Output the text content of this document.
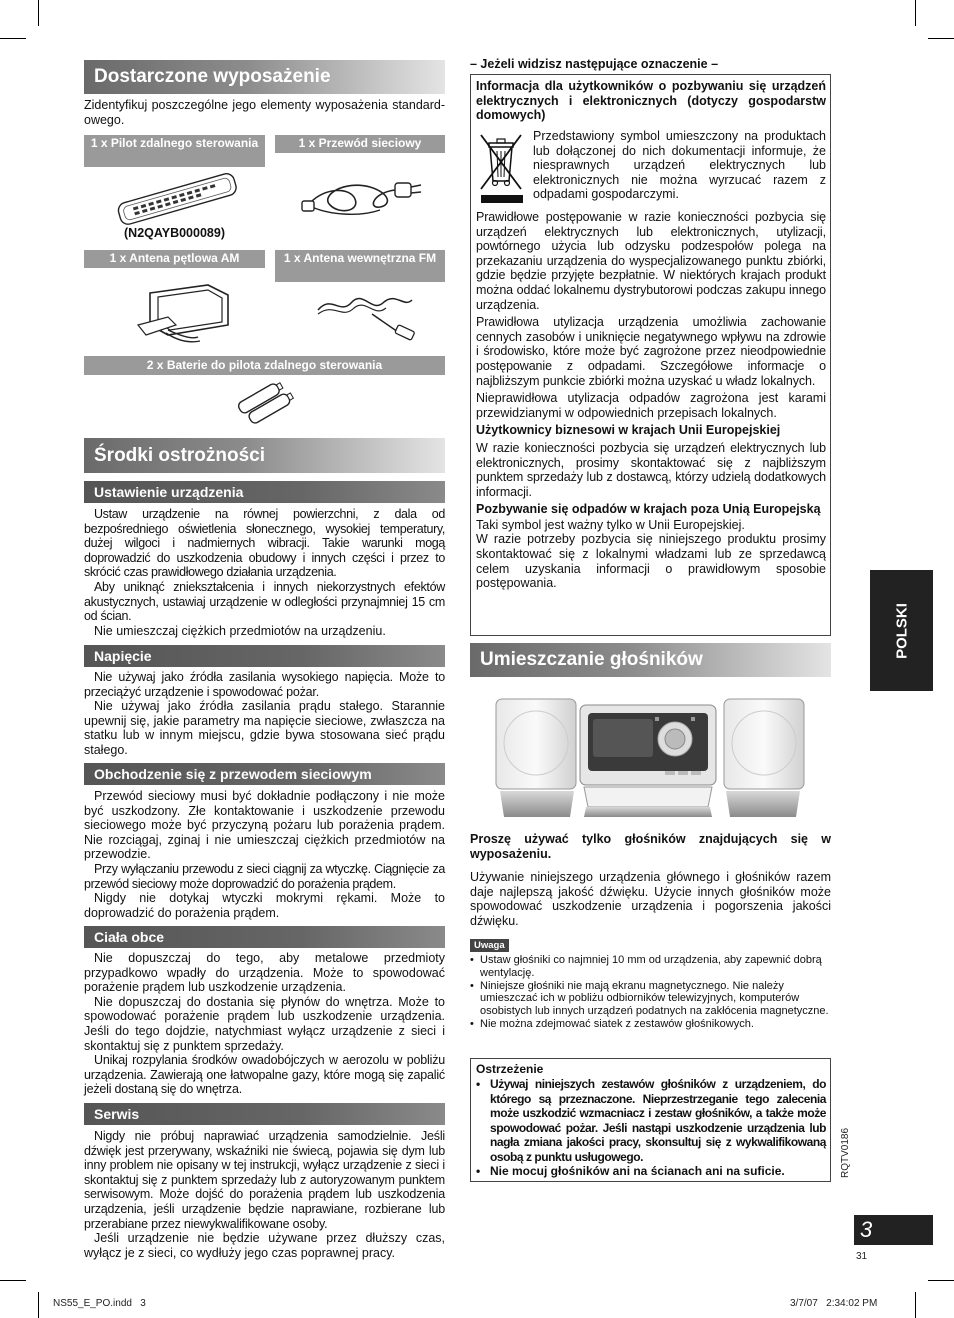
Dostarczone wyposażenie
Zidentyfikuj poszczególne jego elementy wyposażenia standard-owego.
1 x Pilot zdalnego sterowania	1 x Przewód sieciowy
(N2QAYB000089)
1 x Antena pętlowa AM	1 x Antena wewnętrzna FM
2 x Baterie do pilota zdalnego sterowania
Środki ostrożności
Ustawienie urządzenia

Ustaw urządzenie na równej powierzchni, z dala od bezpośredniego oświetlenia słonecznego, wysokiej temperatury, dużej wilgoci i nadmiernych wibracji. Takie warunki mogą doprowadzić do uszkodzenia obudowy i innych części i przez to skrócić czas prawidłowego działania urządzenia.

Aby uniknąć zniekształcenia i innych niekorzystnych efektów akustycznych, ustawiaj urządzenie w odległości przynajmniej 15 cm od ścian.

Nie umieszczaj ciężkich przedmiotów na urządzeniu.

Napięcie

Nie używaj jako źródła zasilania wysokiego napięcia. Może to przeciążyć urządzenie i spowodować pożar.

Nie używaj jako źródła zasilania prądu stałego. Starannie upewnij się, jakie parametry ma napięcie sieciowe, zwłaszcza na statku lub w innym miejscu, gdzie bywa stosowana sieć prądu stałego.

Obchodzenie się z przewodem sieciowym

Przewód sieciowy musi być dokładnie podłączony i nie może być uszkodzony. Złe kontaktowanie i uszkodzenie przewodu sieciowego może być przyczyną pożaru lub porażenia prądem. Nie rozciągaj, zginaj i nie umieszczaj ciężkich przedmiotów na przewodzie.

Przy wyłączaniu przewodu z sieci ciągnij za wtyczkę. Ciągnięcie za przewód sieciowy może doprowadzić do porażenia prądem.

Nigdy nie dotykaj wtyczki mokrymi rękami. Może to doprowadzić do porażenia prądem.

Ciała obce

Nie dopuszczaj do tego, aby metalowe przedmioty przypadkowo wpadły do urządzenia. Może to spowodować porażenie prądem lub uszkodzenie urządzenia.

Nie dopuszczaj do dostania się płynów do wnętrza. Może to spowodować porażenie prądem lub uszkodzenie urządzenia. Jeśli do tego dojdzie, natychmiast wyłącz urządzenie z sieci i skontaktuj się z punktem sprzedaży.

Unikaj rozpylania środków owadobójczych w aerozolu w pobliżu urządzenia. Zawierają one łatwopalne gazy, które mogą się zapalić jeżeli dostaną się do wnętrza.

Serwis

Nigdy nie próbuj naprawiać urządzenia samodzielnie. Jeśli dźwięk jest przerywany, wskaźniki nie świecą, pojawia się dym lub inny problem nie opisany w tej instrukcji, wyłącz urządzenie z sieci i skontaktuj się z punktem sprzedaży lub z autoryzowanym punktem serwisowym. Może dojść do porażenia prądem lub uszkodzenia urządzenia, jeśli urządzenie będzie naprawiane, rozbierane lub przerabiane przez niewykwalifikowane osoby.

Jeśli urządzenie nie będzie używane przez dłuższy czas, wyłącz je z sieci, co wydłuży jego czas poprawnej pracy.

– Jeżeli widzisz następujące oznaczenie –
Informacja dla użytkowników o pozbywaniu się urządzeń elektrycznych i elektronicznych (dotyczy gospodarstw domowych)
Przedstawiony symbol umieszczony na produktach lub dołączonej do nich dokumentacji informuje, że niesprawnych urządzeń elektrycznych lub elektronicznych nie można wyrzucać razem z odpadami gospodarczymi.

Prawidłowe postępowanie w razie konieczności pozbycia się urządzeń elektrycznych lub elektronicznych, utylizacji, powtórnego użycia lub odzysku podzespołów polega na przekazaniu urządzenia do wyspecjalizowanego punktu zbiórki, gdzie będzie przyjęte bezpłatnie. W niektórych krajach produkt można oddać lokalnemu dystrybutorowi podczas zakupu innego urządzenia.

Prawidłowa utylizacja urządzenia umożliwia zachowanie cennych zasobów i uniknięcie negatywnego wpływu na zdrowie i środowisko, które może być zagrożone przez nieodpowiednie postępowanie z odpadami. Szczegółowe informacje o najbliższym punkcie zbiórki można uzyskać u władz lokalnych.

Nieprawidłowa utylizacja odpadów zagrożona jest karami przewidzianymi w odpowiednich przepisach lokalnych.

Użytkownicy biznesowi w krajach Unii Europejskiej

W razie konieczności pozbycia się urządzeń elektrycznych lub elektronicznych, prosimy skontaktować się z najbliższym punktem sprzedaży lub z dostawcą, którzy udzielą dodatkowych informacji.

Pozbywanie się odpadów w krajach poza Unią Europejską

Taki symbol jest ważny tylko w Unii Europejskiej.

W razie potrzeby pozbycia się niniejszego produktu prosimy skontaktować się z lokalnymi władzami lub ze sprzedawcą celem uzyskania informacji o prawidłowym sposobie postępowania.

Umieszczanie głośników
Proszę używać tylko głośników znajdujących się w wyposażeniu.
Używanie niniejszego urządzenia głównego i głośników razem daje najlepszą jakość dźwięku. Użycie innych głośników może spowodować uszkodzenie urządzenia i pogorszenia jakości dźwięku.
Uwaga
• Ustaw głośniki co najmniej 10 mm od urządzenia, aby zapewnić dobrą wentylację.
• Niniejsze głośniki nie mają ekranu magnetycznego. Nie należy umieszczać ich w pobliżu odbiorników telewizyjnych, komputerów osobistych lub innych urządzeń podatnych na zakłócenia magnetyczne.
• Nie można zdejmować siatek z zestawów głośnikowych.
Ostrzeżenie
• Używaj niniejszych zestawów głośników z urządzeniem, do którego są przeznaczone. Nieprzestrzeganie tego zalecenia może uszkodzić wzmacniacz i zestaw głośników, a także może spowodować pożar. Jeśli nastąpi uszkodzenie urządzenia lub nagła zmiana jakości pracy, skonsultuj się z wykwalifikowaną osobą z punktu usługowego.
• Nie mocuj głośników ani na ścianach ani na suficie.
POLSKI
RQTV0186
3
31
NS55_E_PO.indd   3	3/7/07   2:34:02 PM
